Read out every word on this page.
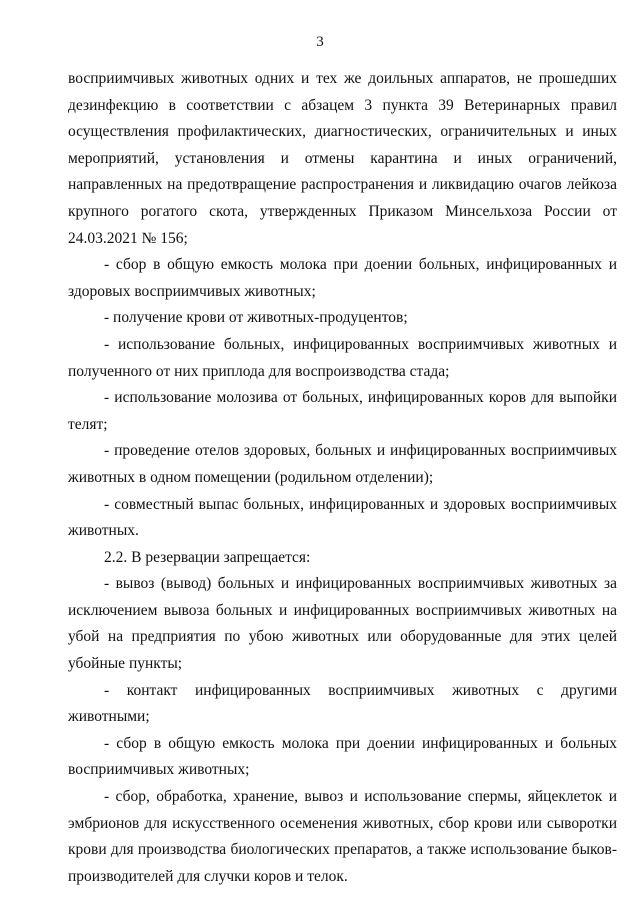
3

восприимчивых животных одних и тех же доильных аппаратов, не прошедших дезинфекцию в соответствии с абзацем 3 пункта 39 Ветеринарных правил осуществления профилактических, диагностических, ограничительных и иных мероприятий, установления и отмены карантина и иных ограничений, направленных на предотвращение распространения и ликвидацию очагов лейкоза крупного рогатого скота, утвержденных Приказом Минсельхоза России от 24.03.2021 № 156;

- сбор в общую емкость молока при доении больных, инфицированных и здоровых восприимчивых животных;

- получение крови от животных-продуцентов;

- использование больных, инфицированных восприимчивых животных и полученного от них приплода для воспроизводства стада;

- использование молозива от больных, инфицированных коров для выпойки телят;

- проведение отелов здоровых, больных и инфицированных восприимчивых животных в одном помещении (родильном отделении);

- совместный выпас больных, инфицированных и здоровых восприимчивых животных.

2.2. В резервации запрещается:

- вывоз (вывод) больных и инфицированных восприимчивых животных за исключением вывоза больных и инфицированных восприимчивых животных на убой на предприятия по убою животных или оборудованные для этих целей убойные пункты;

- контакт инфицированных восприимчивых животных с другими животными;

- сбор в общую емкость молока при доении инфицированных и больных восприимчивых животных;

- сбор, обработка, хранение, вывоз и использование спермы, яйцеклеток и эмбрионов для искусственного осеменения животных, сбор крови или сыворотки крови для производства биологических препаратов, а также использование быков-производителей для случки коров и телок.
